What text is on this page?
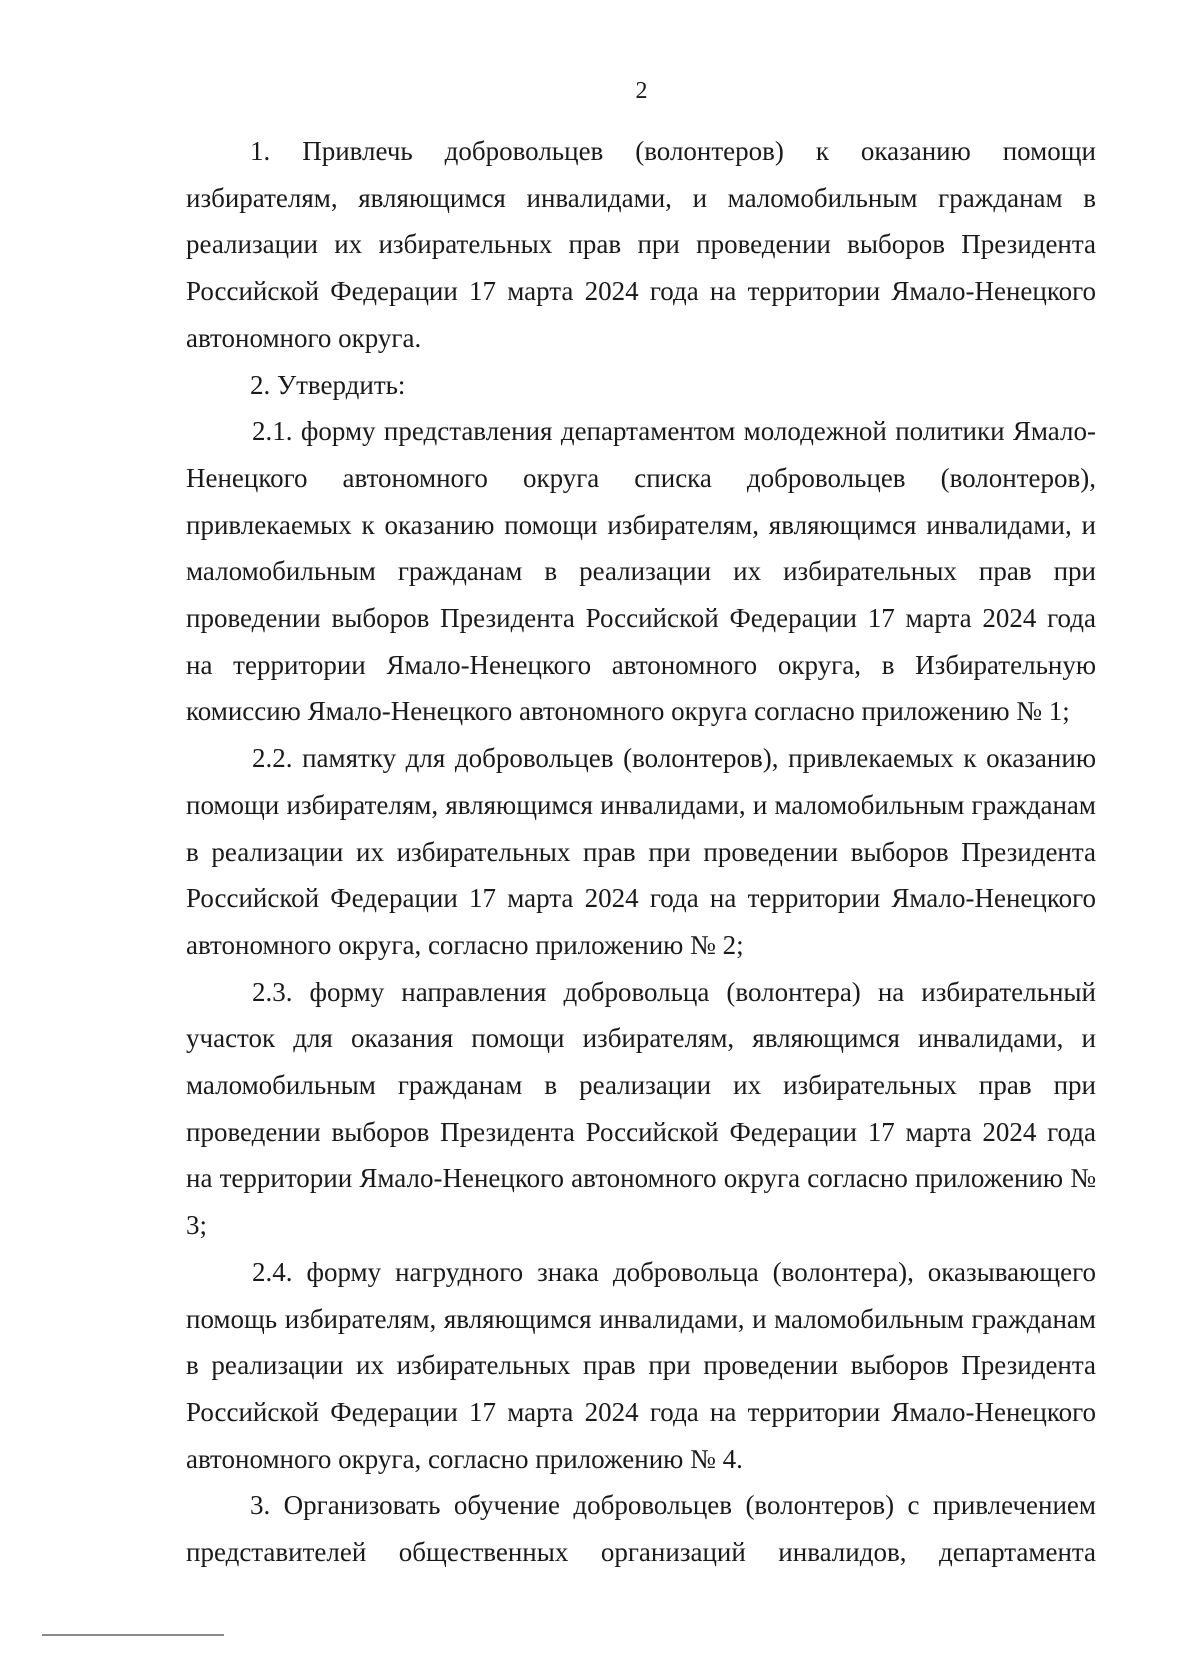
2

1. Привлечь добровольцев (волонтеров) к оказанию помощи избирателям, являющимся инвалидами, и маломобильным гражданам в реализации их избирательных прав при проведении выборов Президента Российской Федерации 17 марта 2024 года на территории Ямало-Ненецкого автономного округа.

2. Утвердить:

2.1. форму представления департаментом молодежной политики Ямало-Ненецкого автономного округа списка добровольцев (волонтеров), привлекаемых к оказанию помощи избирателям, являющимся инвалидами, и маломобильным гражданам в реализации их избирательных прав при проведении выборов Президента Российской Федерации 17 марта 2024 года на территории Ямало-Ненецкого автономного округа, в Избирательную комиссию Ямало-Ненецкого автономного округа согласно приложению № 1;

2.2. памятку для добровольцев (волонтеров), привлекаемых к оказанию помощи избирателям, являющимся инвалидами, и маломобильным гражданам в реализации их избирательных прав при проведении выборов Президента Российской Федерации 17 марта 2024 года на территории Ямало-Ненецкого автономного округа, согласно приложению № 2;

2.3. форму направления добровольца (волонтера) на избирательный участок для оказания помощи избирателям, являющимся инвалидами, и маломобильным гражданам в реализации их избирательных прав при проведении выборов Президента Российской Федерации 17 марта 2024 года на территории Ямало-Ненецкого автономного округа согласно приложению № 3;

2.4. форму нагрудного знака добровольца (волонтера), оказывающего помощь избирателям, являющимся инвалидами, и маломобильным гражданам в реализации их избирательных прав при проведении выборов Президента Российской Федерации 17 марта 2024 года на территории Ямало-Ненецкого автономного округа, согласно приложению № 4.

3. Организовать обучение добровольцев (волонтеров) с привлечением представителей общественных организаций инвалидов, департамента
